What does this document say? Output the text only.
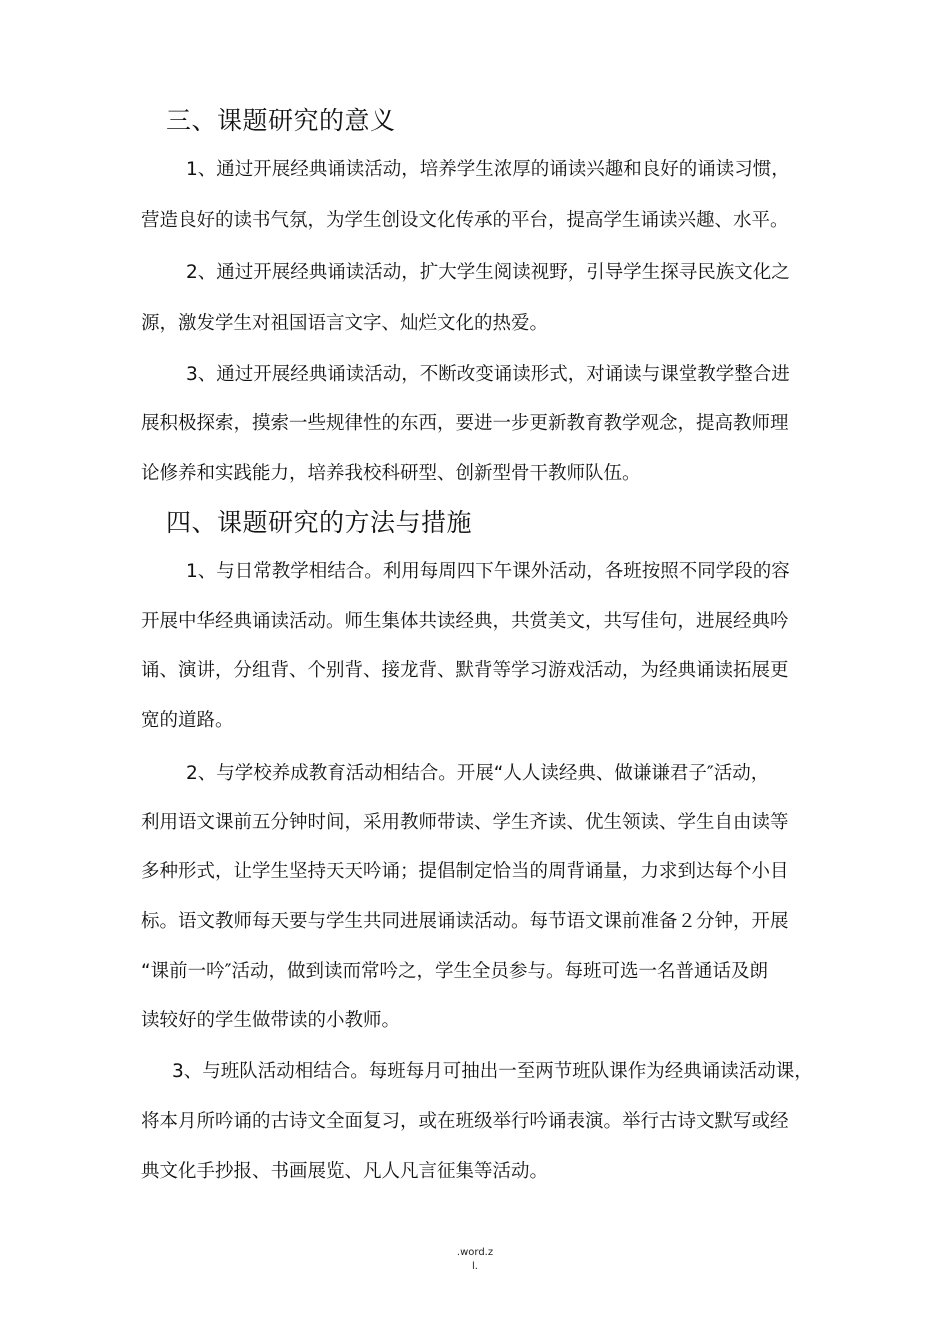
三、课题研究的意义
1、通过开展经典诵读活动，培养学生浓厚的诵读兴趣和良好的诵读习惯，
营造良好的读书气氛，为学生创设文化传承的平台，提高学生诵读兴趣、水平。
2、通过开展经典诵读活动，扩大学生阅读视野，引导学生探寻民族文化之
源，激发学生对祖国语言文字、灿烂文化的热爱。
3、通过开展经典诵读活动，不断改变诵读形式，对诵读与课堂教学整合进
展积极探索，摸索一些规律性的东西，要进一步更新教育教学观念，提高教师理
论修养和实践能力，培养我校科研型、创新型骨干教师队伍。
四、课题研究的方法与措施
1、与日常教学相结合。利用每周四下午课外活动，各班按照不同学段的容
开展中华经典诵读活动。师生集体共读经典，共赏美文，共写佳句，进展经典吟
诵、演讲，分组背、个别背、接龙背、默背等学习游戏活动，为经典诵读拓展更
宽的道路。
2、与学校养成教育活动相结合。开展“人人读经典、做谦谦君子″活动，
利用语文课前五分钟时间，采用教师带读、学生齐读、优生领读、学生自由读等
多种形式，让学生坚持天天吟诵；提倡制定恰当的周背诵量，力求到达每个小目
标。语文教师每天要与学生共同进展诵读活动。每节语文课前准备２分钟，开展
“课前一吟″活动，做到读而常吟之，学生全员参与。每班可选一名普通话及朗
读较好的学生做带读的小教师。
3、与班队活动相结合。每班每月可抽出一至两节班队课作为经典诵读活动课，
将本月所吟诵的古诗文全面复习，或在班级举行吟诵表演。举行古诗文默写或经
典文化手抄报、书画展览、凡人凡言征集等活动。
.word.z
l.
